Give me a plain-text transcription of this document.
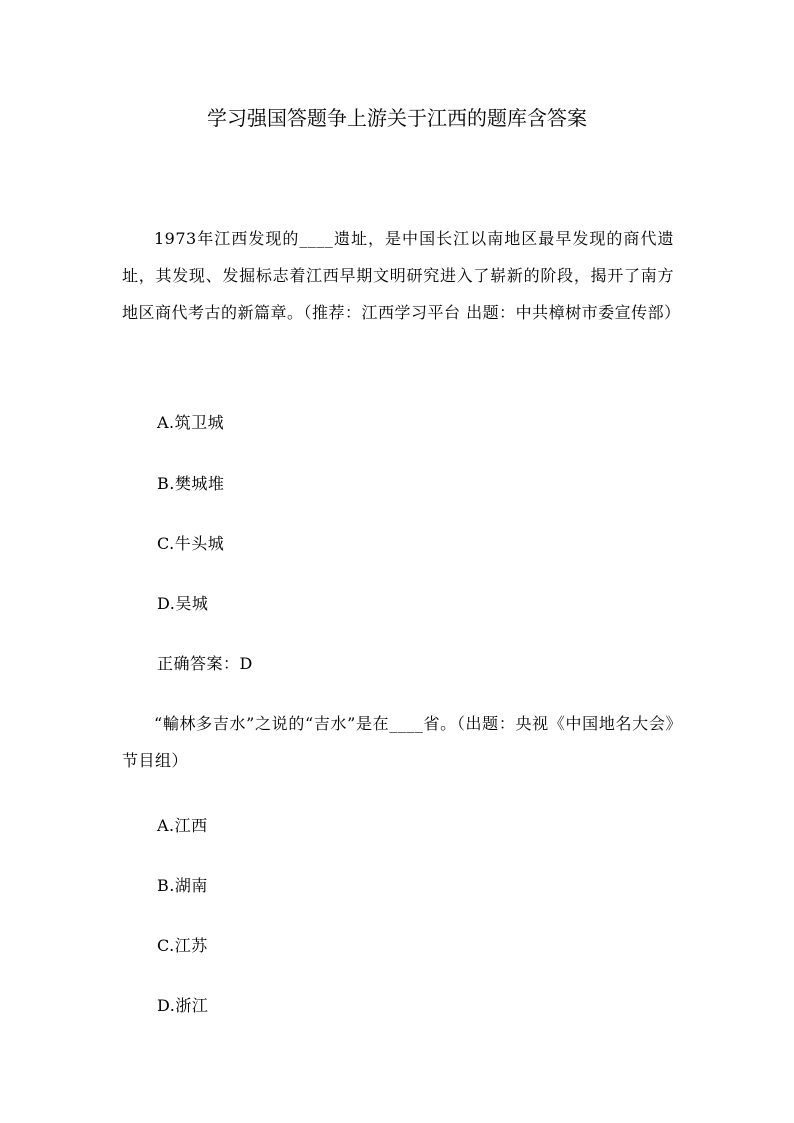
学习强国答题争上游关于江西的题库含答案

1973年江西发现的____遗址，是中国长江以南地区最早发现的商代遗址，其发现、发掘标志着江西早期文明研究进入了崭新的阶段，揭开了南方地区商代考古的新篇章。（推荐：江西学习平台 出题：中共樟树市委宣传部）

A.筑卫城

B.樊城堆

C.牛头城

D.吴城

正确答案：D

“輸林多吉水”之说的“吉水”是在____省。（出题：央视《中国地名大会》节目组）

A.江西

B.湖南

C.江苏

D.浙江
